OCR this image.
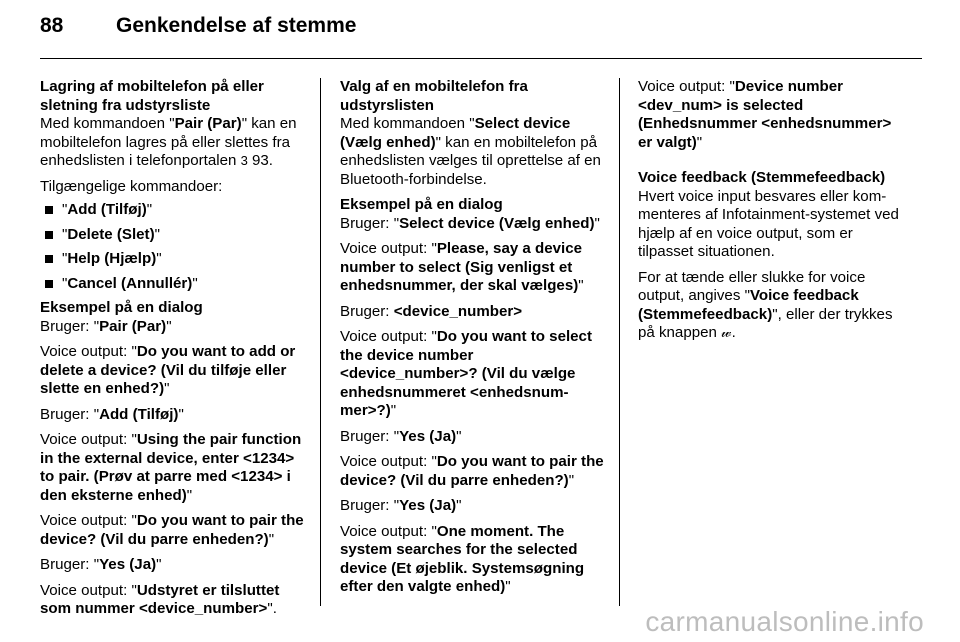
88	Genkendelse af stemme
Lagring af mobiltelefon på eller sletning fra udstyrsliste

Med kommandoen "Pair (Par)" kan en mobiltelefon lagres på eller slettes fra enhedslisten i telefonportalen 3 93.

Tilgængelige kommandoer:

"Add (Tilføj)"
"Delete (Slet)"
"Help (Hjælp)"
"Cancel (Annullér)"
Eksempel på en dialog

Bruger: "Pair (Par)"

Voice output: "Do you want to add or delete a device? (Vil du tilføje eller slette en enhed?)"

Bruger: "Add (Tilføj)"

Voice output: "Using the pair function in the external device, enter <1234> to pair. (Prøv at parre med <1234> i den eksterne enhed)"

Voice output: "Do you want to pair the device? (Vil du parre enheden?)"

Bruger: "Yes (Ja)"

Voice output: "Udstyret er tilsluttet som nummer <device_number>".

Valg af en mobiltelefon fra udstyrslisten

Med kommandoen "Select device (Vælg enhed)" kan en mobiltelefon på enhedslisten vælges til oprettelse af en Bluetooth-forbindelse.

Eksempel på en dialog

Bruger: "Select device (Vælg enhed)"

Voice output: "Please, say a device number to select (Sig venligst et enhedsnummer, der skal vælges)"

Bruger: <device_number>

Voice output: "Do you want to select the device number <device_number>? (Vil du vælge enhedsnummeret <enhedsnum-mer>?)"

Bruger: "Yes (Ja)"

Voice output: "Do you want to pair the device? (Vil du parre enheden?)"

Bruger: "Yes (Ja)"

Voice output: "One moment. The system searches for the selected device (Et øjeblik. Systemsøgning efter den valgte enhed)"

Voice output: "Device number <dev_num> is selected (Enhedsnummer <enhedsnummer> er valgt)"

Voice feedback (Stemmefeedback)

Hvert voice input besvares eller kom-menteres af Infotainment-systemet ved hjælp af en voice output, som er tilpasset situationen.

For at tænde eller slukke for voice output, angives "Voice feedback (Stemmefeedback)", eller der trykkes på knappen 𝓌.

carmanualsonline.info
